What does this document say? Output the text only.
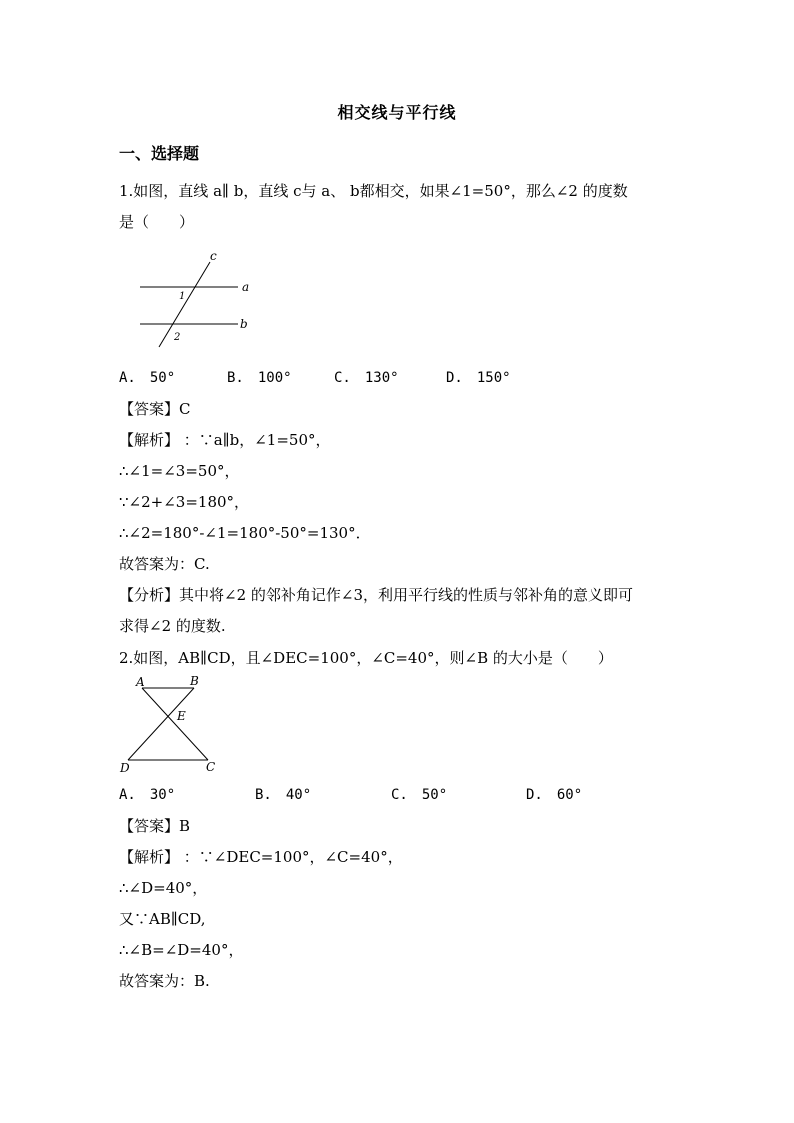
相交线与平行线
一、选择题
1.如图，直线 a∥ b，直线 c与 a、 b都相交，如果∠1=50°，那么∠2 的度数
是（　　）
c
a
b
1
2
A.　50°	B.　100°	C.　130°	D.　150°
【答案】C
【解析】 ：∵a∥b，∠1=50°，
∴∠1=∠3=50°，
∵∠2+∠3=180°，
∴∠2=180°-∠1=180°-50°=130°．
故答案为：C.
【分析】其中将∠2 的邻补角记作∠3，利用平行线的性质与邻补角的意义即可
求得∠2 的度数.
2.如图，AB∥CD，且∠DEC=100°，∠C=40°，则∠B 的大小是（　　）
A	B
E
D	C
A.　30°	B.　40°	C.　50°	D.　60°
【答案】B
【解析】 ：∵∠DEC=100°，∠C=40°，
∴∠D=40°，
又∵AB∥CD,
∴∠B=∠D=40°，
故答案为：B.
